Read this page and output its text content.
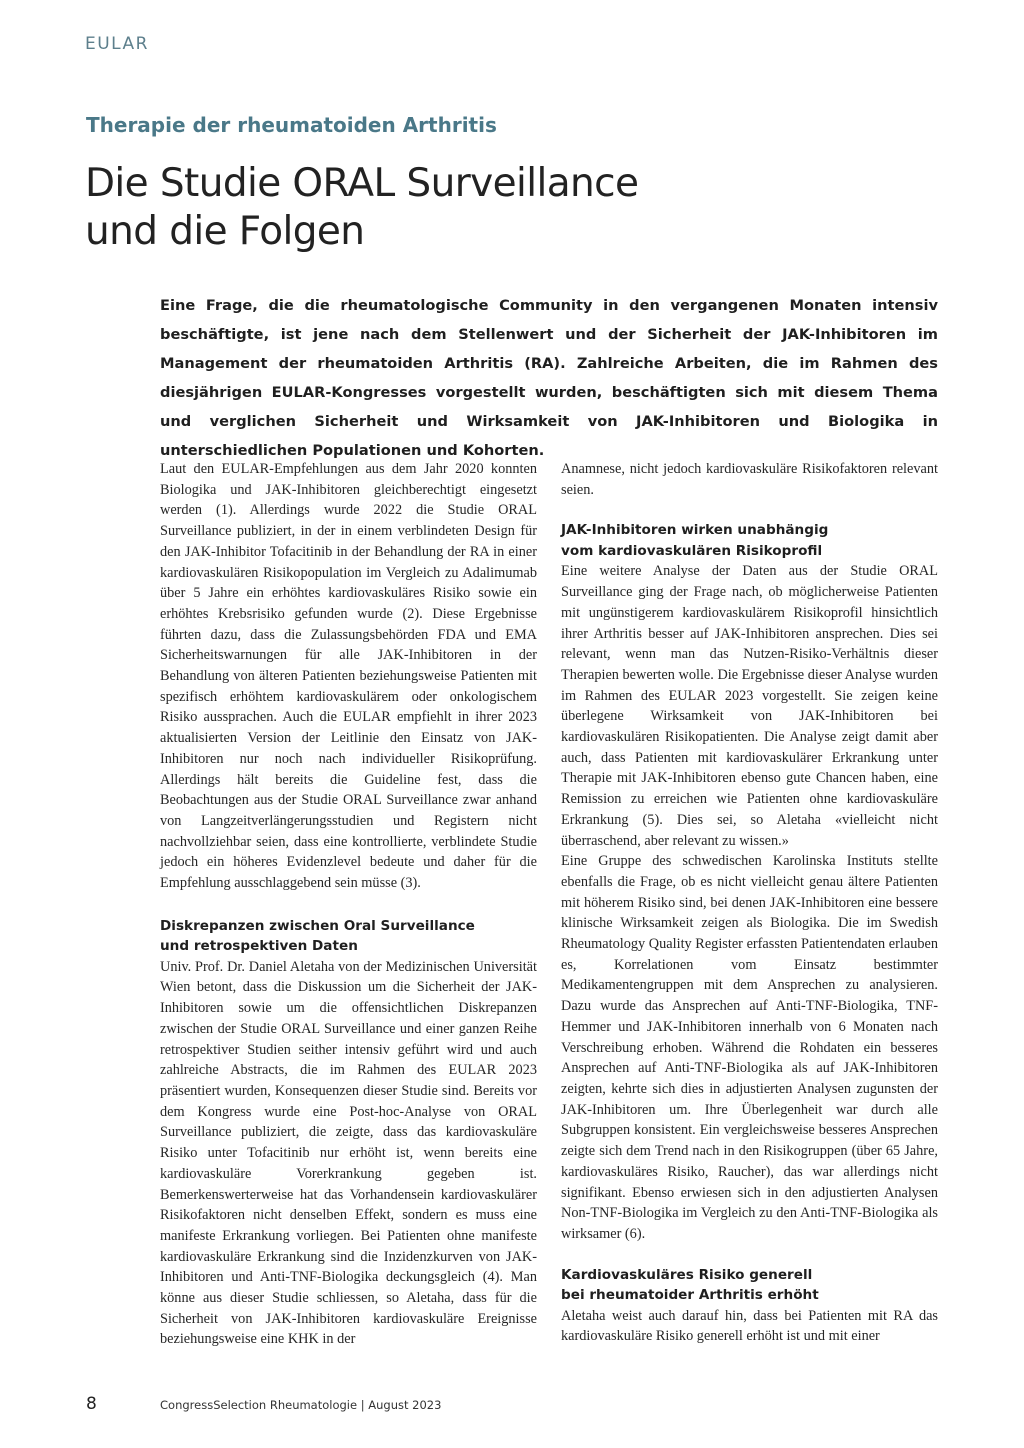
EULAR
Therapie der rheumatoiden Arthritis
Die Studie ORAL Surveillance
und die Folgen

Eine Frage, die die rheumatologische Community in den vergangenen Monaten intensiv beschäftigte, ist jene nach dem Stellenwert und der Sicherheit der JAK-Inhibitoren im Management der rheumatoiden Arthritis (RA). Zahlreiche Arbeiten, die im Rahmen des diesjährigen EULAR-Kongresses vorgestellt wurden, beschäftigten sich mit diesem Thema und verglichen Sicherheit und Wirksamkeit von JAK-Inhibitoren und Biologika in unterschiedlichen Populationen und Kohorten.

Laut den EULAR-Empfehlungen aus dem Jahr 2020 konnten Biologika und JAK-Inhibitoren gleichberechtigt eingesetzt werden (1). Allerdings wurde 2022 die Studie ORAL Surveillance publiziert, in der in einem verblindeten Design für den JAK-Inhibitor Tofacitinib in der Behandlung der RA in einer kardiovaskulären Risikopopulation im Vergleich zu Adalimumab über 5 Jahre ein erhöhtes kardiovaskuläres Risiko sowie ein erhöhtes Krebsrisiko gefunden wurde (2). Diese Ergebnisse führten dazu, dass die Zulassungsbehörden FDA und EMA Sicherheitswarnungen für alle JAK-Inhibitoren in der Behandlung von älteren Patienten beziehungsweise Patienten mit spezifisch erhöhtem kardiovaskulärem oder onkologischem Risiko aussprachen. Auch die EULAR empfiehlt in ihrer 2023 aktualisierten Version der Leitlinie den Einsatz von JAK-Inhibitoren nur noch nach individueller Risikoprüfung. Allerdings hält bereits die Guideline fest, dass die Beobachtungen aus der Studie ORAL Surveillance zwar anhand von Langzeitverlängerungsstudien und Registern nicht nachvollziehbar seien, dass eine kontrollierte, verblindete Studie jedoch ein höheres Evidenzlevel bedeute und daher für die Empfehlung ausschlaggebend sein müsse (3).

Diskrepanzen zwischen Oral Surveillance
und retrospektiven Daten

Univ. Prof. Dr. Daniel Aletaha von der Medizinischen Universität Wien betont, dass die Diskussion um die Sicherheit der JAK-Inhibitoren sowie um die offensichtlichen Diskrepanzen zwischen der Studie ORAL Surveillance und einer ganzen Reihe retrospektiver Studien seither intensiv geführt wird und auch zahlreiche Abstracts, die im Rahmen des EULAR 2023 präsentiert wurden, Konsequenzen dieser Studie sind. Bereits vor dem Kongress wurde eine Post-hoc-Analyse von ORAL Surveillance publiziert, die zeigte, dass das kardiovaskuläre Risiko unter Tofacitinib nur erhöht ist, wenn bereits eine kardiovaskuläre Vorerkrankung gegeben ist. Bemerkenswerterweise hat das Vorhandensein kardiovaskulärer Risikofaktoren nicht denselben Effekt, sondern es muss eine manifeste Erkrankung vorliegen. Bei Patienten ohne manifeste kardiovaskuläre Erkrankung sind die Inzidenzkurven von JAK-Inhibitoren und Anti-TNF-Biologika deckungsgleich (4). Man könne aus dieser Studie schliessen, so Aletaha, dass für die Sicherheit von JAK-Inhibitoren kardiovaskuläre Ereignisse beziehungsweise eine KHK in der

Anamnese, nicht jedoch kardiovaskuläre Risikofaktoren relevant seien.

JAK-Inhibitoren wirken unabhängig
vom kardiovaskulären Risikoprofil

Eine weitere Analyse der Daten aus der Studie ORAL Surveillance ging der Frage nach, ob möglicherweise Patienten mit ungünstigerem kardiovaskulärem Risikoprofil hinsichtlich ihrer Arthritis besser auf JAK-Inhibitoren ansprechen. Dies sei relevant, wenn man das Nutzen-Risiko-Verhältnis dieser Therapien bewerten wolle. Die Ergebnisse dieser Analyse wurden im Rahmen des EULAR 2023 vorgestellt. Sie zeigen keine überlegene Wirksamkeit von JAK-Inhibitoren bei kardiovaskulären Risikopatienten. Die Analyse zeigt damit aber auch, dass Patienten mit kardiovaskulärer Erkrankung unter Therapie mit JAK-Inhibitoren ebenso gute Chancen haben, eine Remission zu erreichen wie Patienten ohne kardiovaskuläre Erkrankung (5). Dies sei, so Aletaha «vielleicht nicht überraschend, aber relevant zu wissen.»

Eine Gruppe des schwedischen Karolinska Instituts stellte ebenfalls die Frage, ob es nicht vielleicht genau ältere Patienten mit höherem Risiko sind, bei denen JAK-Inhibitoren eine bessere klinische Wirksamkeit zeigen als Biologika. Die im Swedish Rheumatology Quality Register erfassten Patientendaten erlauben es, Korrelationen vom Einsatz bestimmter Medikamentengruppen mit dem Ansprechen zu analysieren. Dazu wurde das Ansprechen auf Anti-TNF-Biologika, TNF-Hemmer und JAK-Inhibitoren innerhalb von 6 Monaten nach Verschreibung erhoben. Während die Rohdaten ein besseres Ansprechen auf Anti-TNF-Biologika als auf JAK-Inhibitoren zeigten, kehrte sich dies in adjustierten Analysen zugunsten der JAK-Inhibitoren um. Ihre Überlegenheit war durch alle Subgruppen konsistent. Ein vergleichsweise besseres Ansprechen zeigte sich dem Trend nach in den Risikogruppen (über 65 Jahre, kardiovaskuläres Risiko, Raucher), das war allerdings nicht signifikant. Ebenso erwiesen sich in den adjustierten Analysen Non-TNF-Biologika im Vergleich zu den Anti-TNF-Biologika als wirksamer (6).

Kardiovaskuläres Risiko generell
bei rheumatoider Arthritis erhöht

Aletaha weist auch darauf hin, dass bei Patienten mit RA das kardiovaskuläre Risiko generell erhöht ist und mit einer

8	CongressSelection Rheumatologie | August 2023
